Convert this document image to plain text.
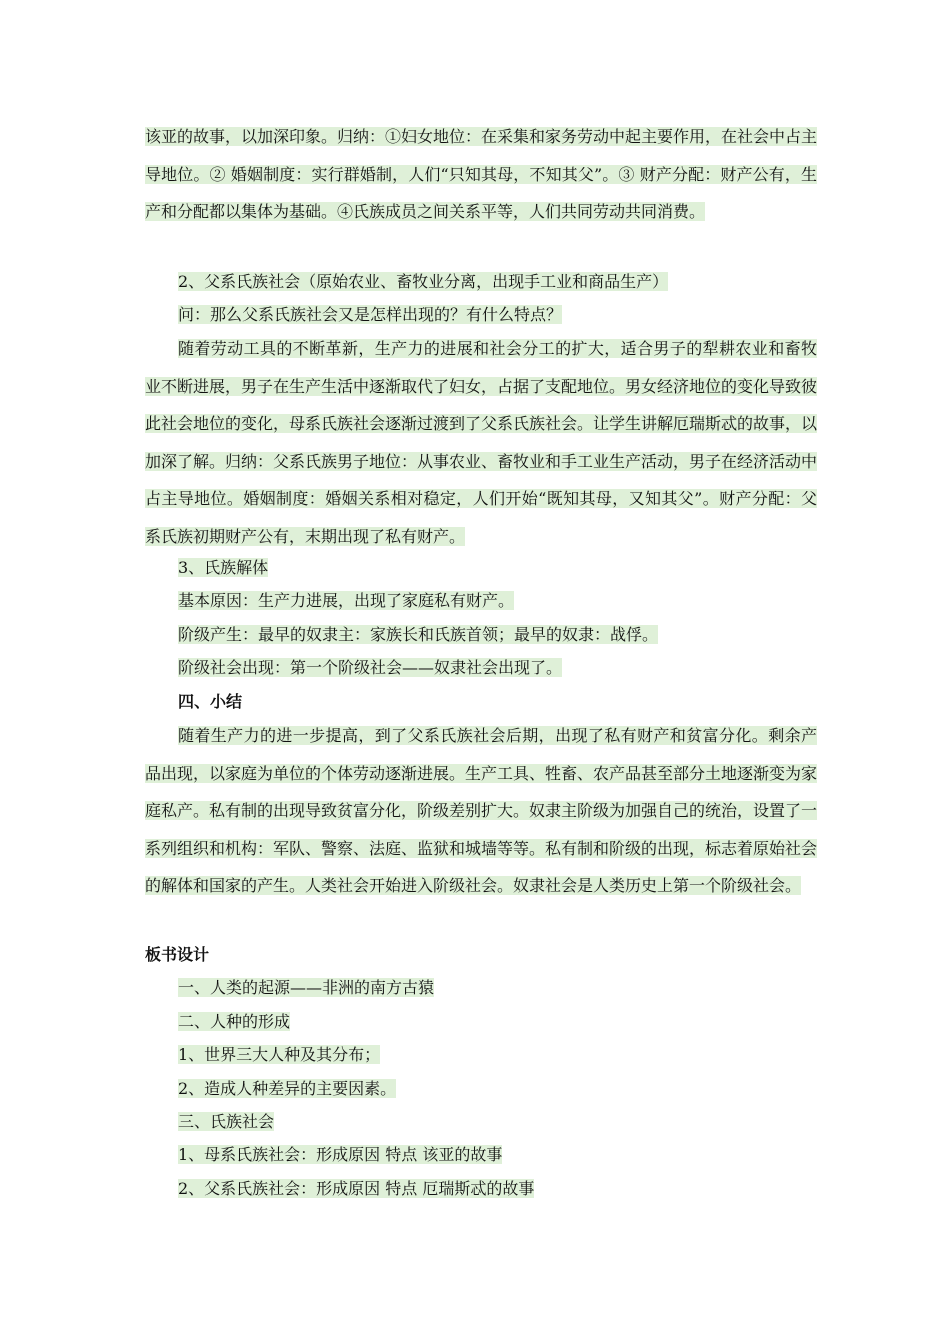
该亚的故事，以加深印象。归纳：①妇女地位：在采集和家务劳动中起主要作用，在社会中占主导地位。② 婚姻制度：实行群婚制，人们“只知其母，不知其父”。③ 财产分配：财产公有，生产和分配都以集体为基础。④氏族成员之间关系平等，人们共同劳动共同消费。

2、父系氏族社会（原始农业、畜牧业分离，出现手工业和商品生产）

问：那么父系氏族社会又是怎样出现的？有什么特点？

随着劳动工具的不断革新，生产力的进展和社会分工的扩大，适合男子的犁耕农业和畜牧业不断进展，男子在生产生活中逐渐取代了妇女，占据了支配地位。男女经济地位的变化导致彼此社会地位的变化，母系氏族社会逐渐过渡到了父系氏族社会。让学生讲解厄瑞斯忒的故事，以加深了解。归纳：父系氏族男子地位：从事农业、畜牧业和手工业生产活动，男子在经济活动中占主导地位。婚姻制度：婚姻关系相对稳定，人们开始“既知其母，又知其父”。财产分配：父系氏族初期财产公有，末期出现了私有财产。

3、氏族解体

基本原因：生产力进展，出现了家庭私有财产。

阶级产生：最早的奴隶主：家族长和氏族首领；最早的奴隶：战俘。

阶级社会出现：第一个阶级社会——奴隶社会出现了。

四、小结

随着生产力的进一步提高，到了父系氏族社会后期，出现了私有财产和贫富分化。剩余产品出现，以家庭为单位的个体劳动逐渐进展。生产工具、牲畜、农产品甚至部分土地逐渐变为家庭私产。私有制的出现导致贫富分化，阶级差别扩大。奴隶主阶级为加强自己的统治，设置了一系列组织和机构：军队、警察、法庭、监狱和城墙等等。私有制和阶级的出现，标志着原始社会的解体和国家的产生。人类社会开始进入阶级社会。奴隶社会是人类历史上第一个阶级社会。

板书设计

一、人类的起源——非洲的南方古猿

二、人种的形成

1、世界三大人种及其分布；

2、造成人种差异的主要因素。

三、氏族社会

1、母系氏族社会：形成原因 特点 该亚的故事

2、父系氏族社会：形成原因 特点 厄瑞斯忒的故事
